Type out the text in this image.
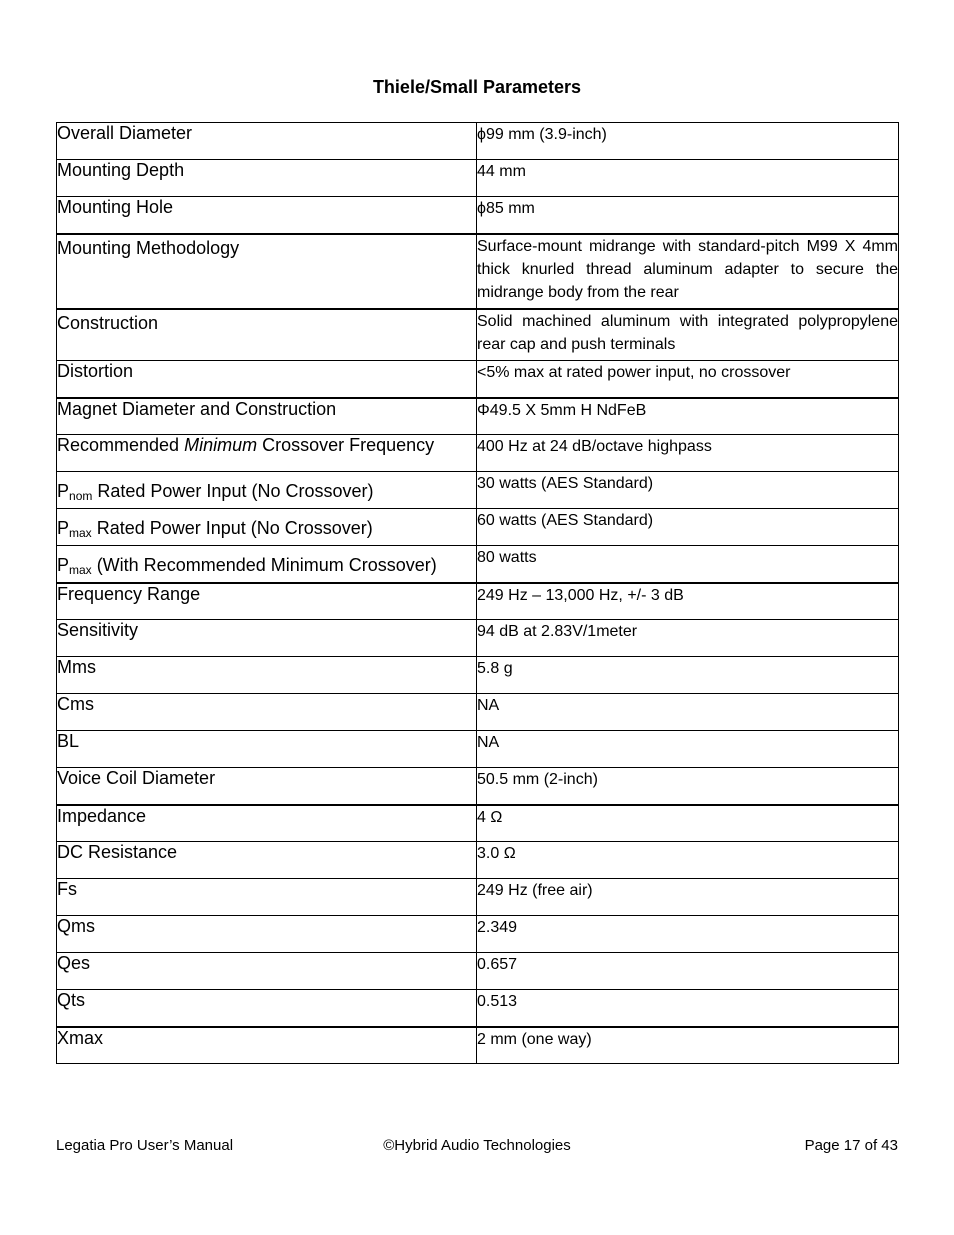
Thiele/Small Parameters
Overall Diameter	ϕ99 mm (3.9-inch)
Mounting Depth	44 mm
Mounting Hole	ϕ85 mm
Mounting Methodology	Surface-mount midrange with standard-pitch M99 X 4mm thick knurled thread aluminum adapter to secure the midrange body from the rear
Construction	Solid machined aluminum with integrated polypropylene rear cap and push terminals
Distortion	<5% max at rated power input, no crossover
Magnet Diameter and Construction	Φ49.5 X 5mm H NdFeB
Recommended Minimum Crossover Frequency	400 Hz at 24 dB/octave highpass
$P_{nom}$ Rated Power Input (No Crossover)	30 watts (AES Standard)
$P_{max}$ Rated Power Input (No Crossover)	60 watts (AES Standard)
$P_{max}$ (With Recommended Minimum Crossover)	80 watts
Frequency Range	249 Hz – 13,000 Hz, +/- 3 dB
Sensitivity	94 dB at 2.83V/1meter
Mms	5.8 g
Cms	NA
BL	NA
Voice Coil Diameter	50.5 mm (2-inch)
Impedance	4 Ω
DC Resistance	3.0 Ω
Fs	249 Hz (free air)
Qms	2.349
Qes	0.657
Qts	0.513
Xmax	2 mm (one way)
Legatia Pro User’s Manual	©Hybrid Audio Technologies	Page 17 of 43
